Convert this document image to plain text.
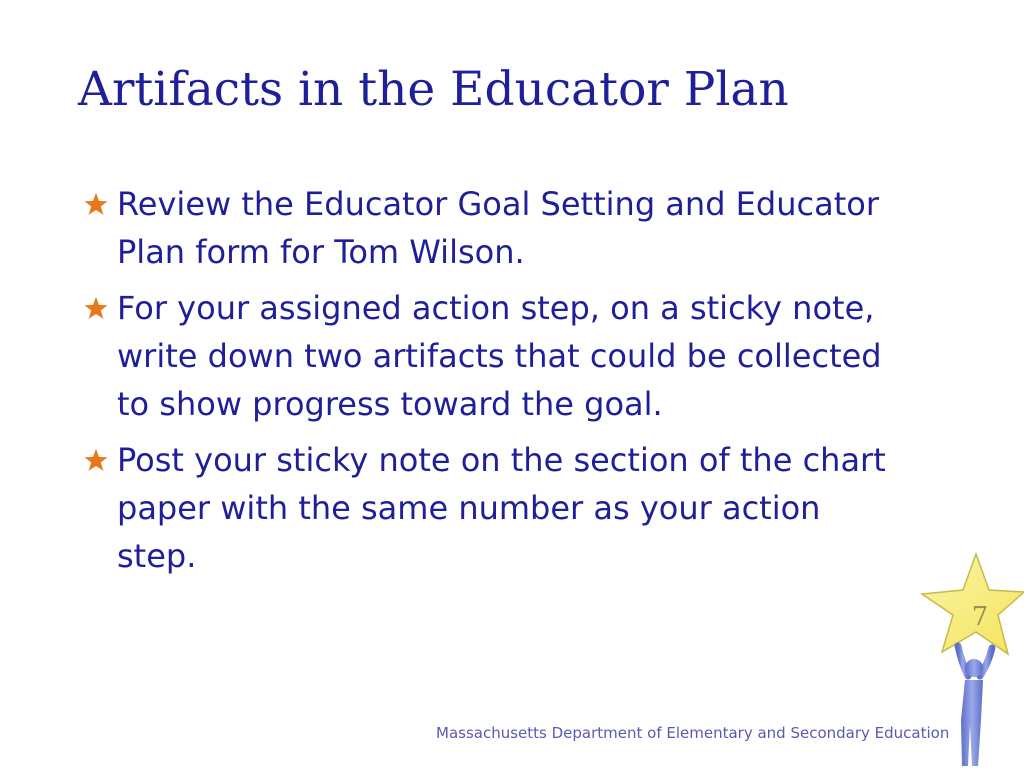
Artifacts in the Educator Plan
Review the Educator Goal Setting and Educator Plan form for Tom Wilson.
For your assigned action step, on a sticky note, write down two artifacts that could be collected to show progress toward the goal.
Post your sticky note on the section of the chart paper with the same number as your action step.
Massachusetts Department of Elementary and Secondary Education
7
